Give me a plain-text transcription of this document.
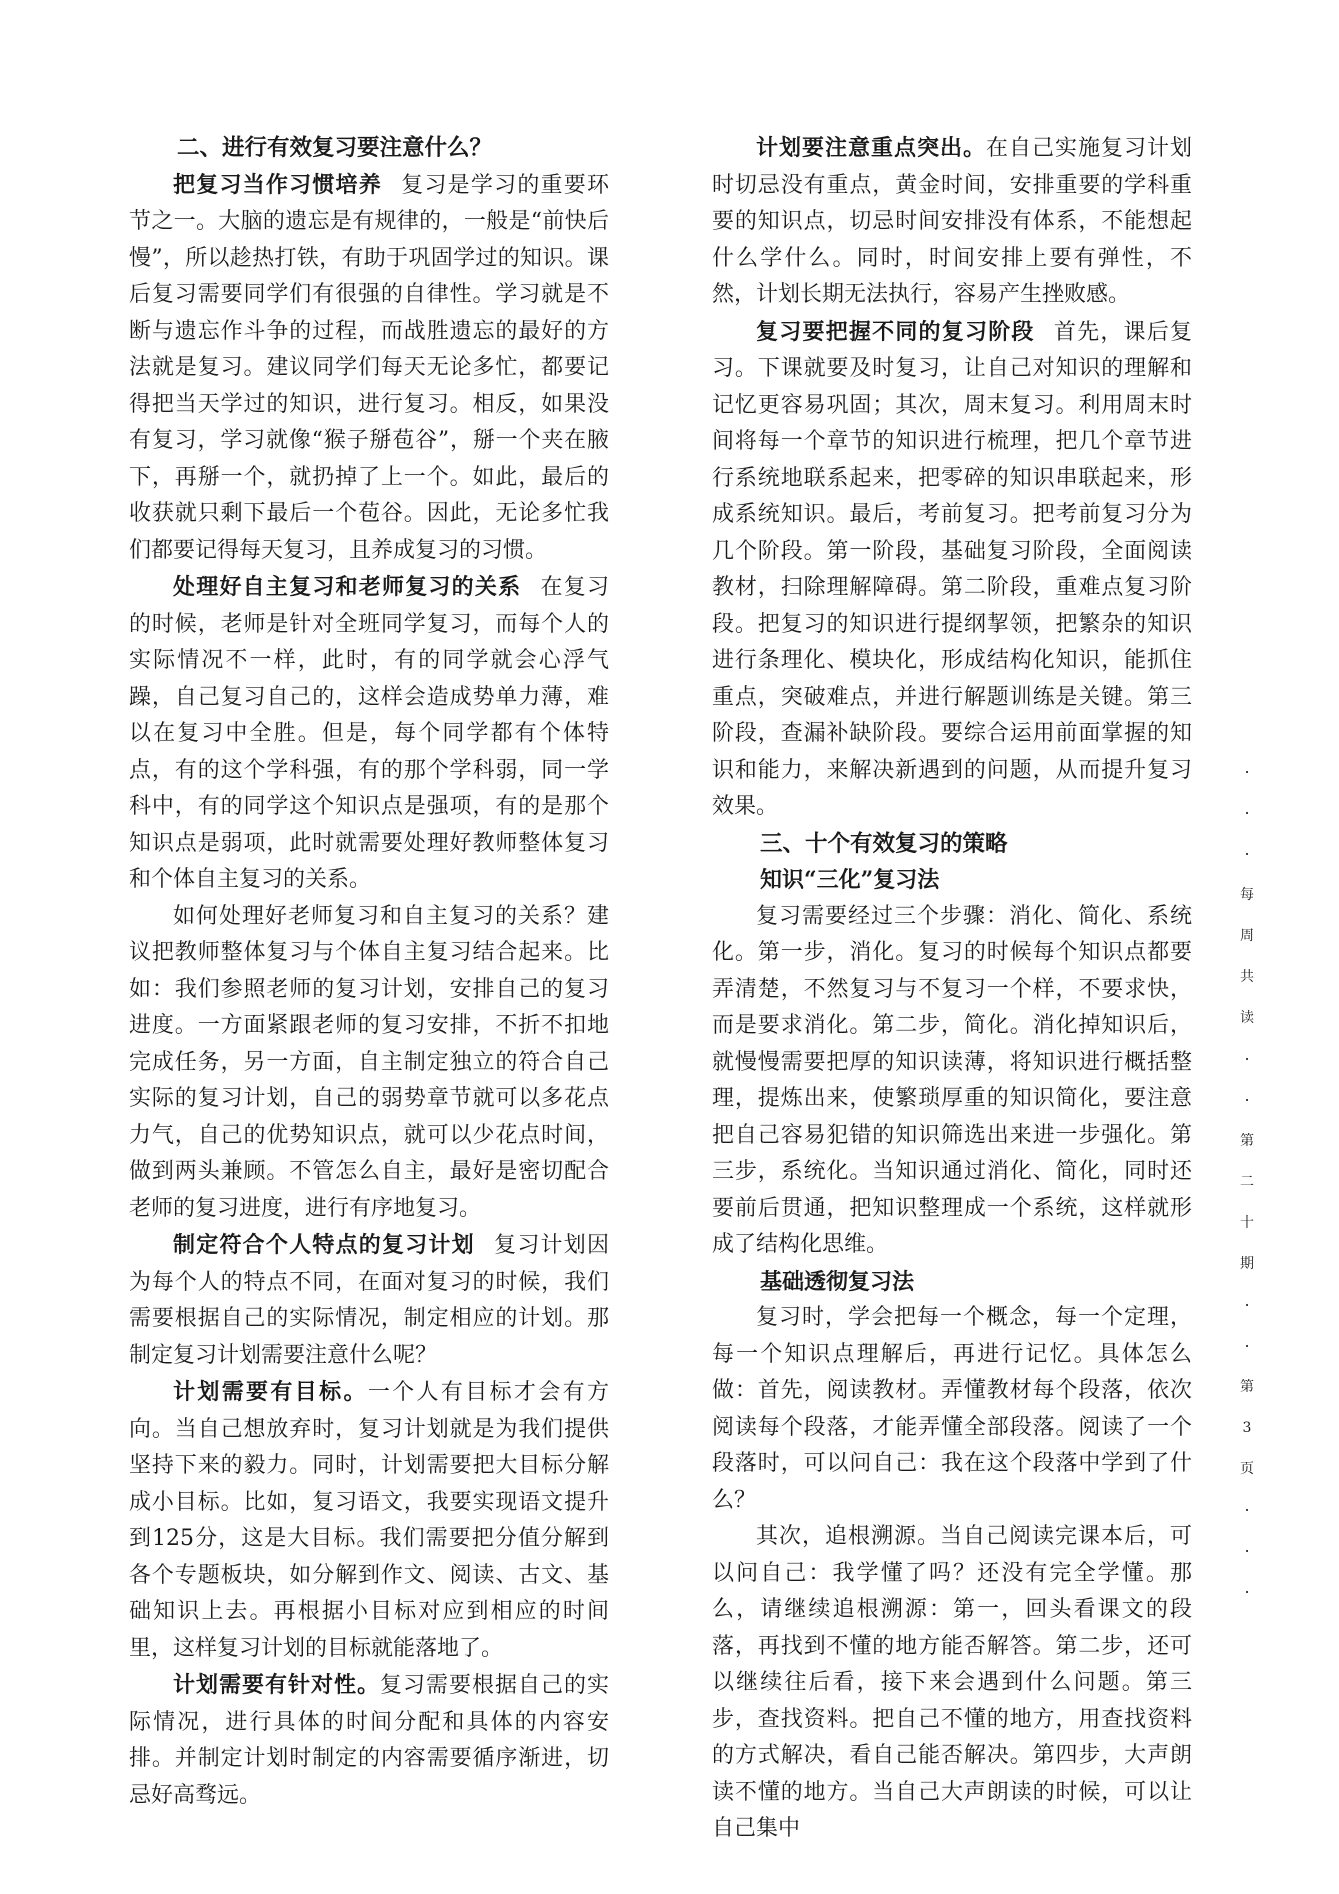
二、进行有效复习要注意什么？

把复习当作习惯培养 复习是学习的重要环节之一。大脑的遗忘是有规律的，一般是“前快后慢”，所以趁热打铁，有助于巩固学过的知识。课后复习需要同学们有很强的自律性。学习就是不断与遗忘作斗争的过程，而战胜遗忘的最好的方法就是复习。建议同学们每天无论多忙，都要记得把当天学过的知识，进行复习。相反，如果没有复习，学习就像“猴子掰苞谷”，掰一个夹在腋下，再掰一个，就扔掉了上一个。如此，最后的收获就只剩下最后一个苞谷。因此，无论多忙我们都要记得每天复习，且养成复习的习惯。

处理好自主复习和老师复习的关系 在复习的时候，老师是针对全班同学复习，而每个人的实际情况不一样，此时，有的同学就会心浮气躁，自己复习自己的，这样会造成势单力薄，难以在复习中全胜。但是，每个同学都有个体特点，有的这个学科强，有的那个学科弱，同一学科中，有的同学这个知识点是强项，有的是那个知识点是弱项，此时就需要处理好教师整体复习和个体自主复习的关系。

如何处理好老师复习和自主复习的关系？建议把教师整体复习与个体自主复习结合起来。比如：我们参照老师的复习计划，安排自己的复习进度。一方面紧跟老师的复习安排，不折不扣地完成任务，另一方面，自主制定独立的符合自己实际的复习计划，自己的弱势章节就可以多花点力气，自己的优势知识点，就可以少花点时间，做到两头兼顾。不管怎么自主，最好是密切配合老师的复习进度，进行有序地复习。

制定符合个人特点的复习计划 复习计划因为每个人的特点不同，在面对复习的时候，我们需要根据自己的实际情况，制定相应的计划。那制定复习计划需要注意什么呢？

计划需要有目标。一个人有目标才会有方向。当自己想放弃时，复习计划就是为我们提供坚持下来的毅力。同时，计划需要把大目标分解成小目标。比如，复习语文，我要实现语文提升到125分，这是大目标。我们需要把分值分解到各个专题板块，如分解到作文、阅读、古文、基础知识上去。再根据小目标对应到相应的时间里，这样复习计划的目标就能落地了。

计划需要有针对性。复习需要根据自己的实际情况，进行具体的时间分配和具体的内容安排。并制定计划时制定的内容需要循序渐进，切忌好高骛远。

计划要注意重点突出。在自己实施复习计划时切忌没有重点，黄金时间，安排重要的学科重要的知识点，切忌时间安排没有体系，不能想起什么学什么。同时，时间安排上要有弹性，不然，计划长期无法执行，容易产生挫败感。

复习要把握不同的复习阶段 首先，课后复习。下课就要及时复习，让自己对知识的理解和记忆更容易巩固；其次，周末复习。利用周末时间将每一个章节的知识进行梳理，把几个章节进行系统地联系起来，把零碎的知识串联起来，形成系统知识。最后，考前复习。把考前复习分为几个阶段。第一阶段，基础复习阶段，全面阅读教材，扫除理解障碍。第二阶段，重难点复习阶段。把复习的知识进行提纲挈领，把繁杂的知识进行条理化、模块化，形成结构化知识，能抓住重点，突破难点，并进行解题训练是关键。第三阶段，查漏补缺阶段。要综合运用前面掌握的知识和能力，来解决新遇到的问题，从而提升复习效果。

三、十个有效复习的策略
知识“三化”复习法

复习需要经过三个步骤：消化、简化、系统化。第一步，消化。复习的时候每个知识点都要弄清楚，不然复习与不复习一个样，不要求快，而是要求消化。第二步，简化。消化掉知识后，就慢慢需要把厚的知识读薄，将知识进行概括整理，提炼出来，使繁琐厚重的知识简化，要注意把自己容易犯错的知识筛选出来进一步强化。第三步，系统化。当知识通过消化、简化，同时还要前后贯通，把知识整理成一个系统，这样就形成了结构化思维。

基础透彻复习法

复习时，学会把每一个概念，每一个定理，每一个知识点理解后，再进行记忆。具体怎么做：首先，阅读教材。弄懂教材每个段落，依次阅读每个段落，才能弄懂全部段落。阅读了一个段落时，可以问自己：我在这个段落中学到了什么？

其次，追根溯源。当自己阅读完课本后，可以问自己：我学懂了吗？还没有完全学懂。那么，请继续追根溯源：第一，回头看课文的段落，再找到不懂的地方能否解答。第二步，还可以继续往后看，接下来会遇到什么问题。第三步，查找资料。把自己不懂的地方，用查找资料的方式解决，看自己能否解决。第四步，大声朗读不懂的地方。当自己大声朗读的时候，可以让自己集中

·
·
·
每
周
共
读
·
·
第
二
十
期
·
·
第
3
页
·
·
·
